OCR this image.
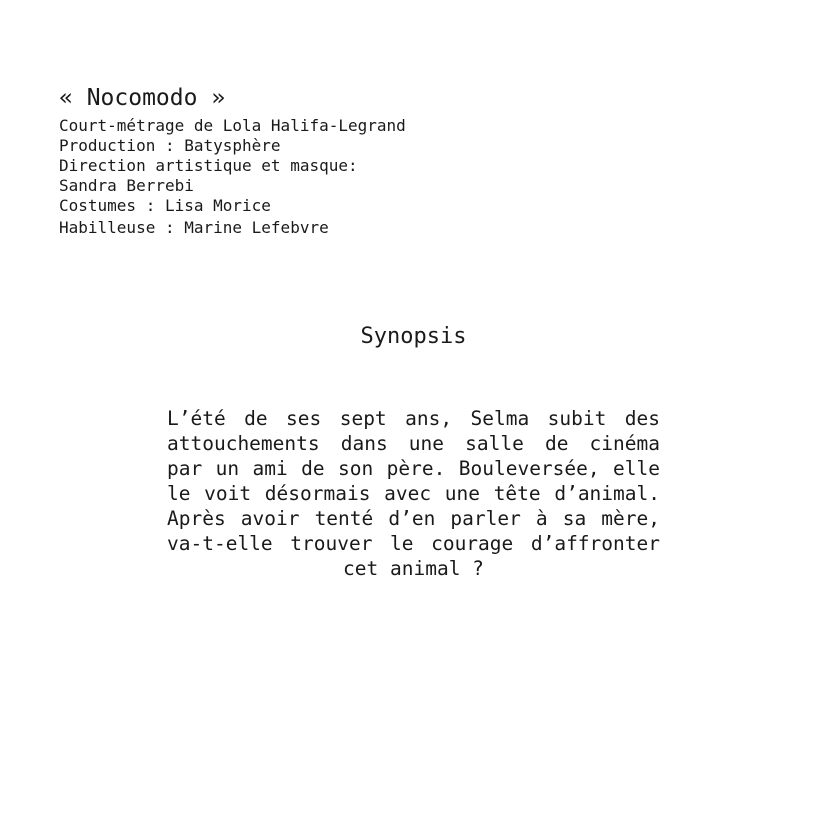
« Nocomodo »
Court-métrage de Lola Halifa-Legrand
Production : Batysphère
Direction artistique et masque:
Sandra Berrebi
Costumes : Lisa Morice
Habilleuse : Marine Lefebvre
Synopsis
L’été de ses sept ans, Selma subit des attouchements dans une salle de cinéma par un ami de son père. Bouleversée, elle le voit désormais avec une tête d’animal. Après avoir tenté d’en parler à sa mère, va-t-elle trouver le courage d’affronter cet animal ?
